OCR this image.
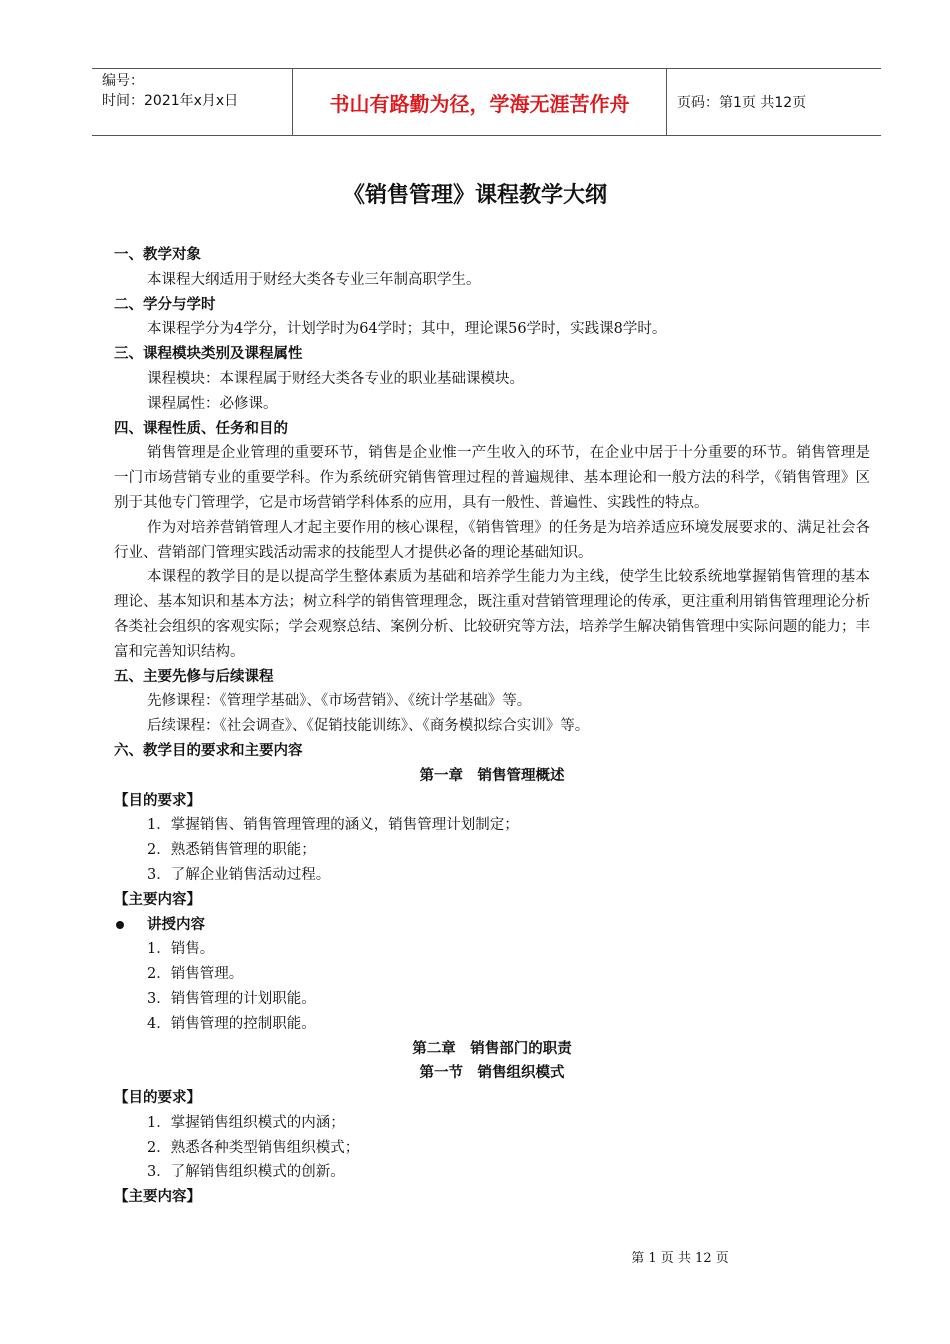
编号：
时间：2021年x月x日	书山有路勤为径，学海无涯苦作舟	页码：第1页 共12页
《销售管理》课程教学大纲
一、教学对象
本课程大纲适用于财经大类各专业三年制高职学生。
二、学分与学时
本课程学分为4学分，计划学时为64学时；其中，理论课56学时，实践课8学时。
三、课程模块类别及课程属性
课程模块：本课程属于财经大类各专业的职业基础课模块。
课程属性：必修课。
四、课程性质、任务和目的
销售管理是企业管理的重要环节，销售是企业惟一产生收入的环节，在企业中居于十分重要的环节。销售管理是一门市场营销专业的重要学科。作为系统研究销售管理过程的普遍规律、基本理论和一般方法的科学，《销售管理》区别于其他专门管理学，它是市场营销学科体系的应用，具有一般性、普遍性、实践性的特点。
作为对培养营销管理人才起主要作用的核心课程，《销售管理》的任务是为培养适应环境发展要求的、满足社会各行业、营销部门管理实践活动需求的技能型人才提供必备的理论基础知识。
本课程的教学目的是以提高学生整体素质为基础和培养学生能力为主线，使学生比较系统地掌握销售管理的基本理论、基本知识和基本方法；树立科学的销售管理理念，既注重对营销管理理论的传承，更注重利用销售管理理论分析各类社会组织的客观实际；学会观察总结、案例分析、比较研究等方法，培养学生解决销售管理中实际问题的能力；丰富和完善知识结构。
五、主要先修与后续课程
先修课程：《管理学基础》、《市场营销》、《统计学基础》等。
后续课程：《社会调查》、《促销技能训练》、《商务模拟综合实训》等。
六、教学目的要求和主要内容
第一章　销售管理概述
【目的要求】
1．掌握销售、销售管理管理的涵义，销售管理计划制定；
2．熟悉销售管理的职能；
3．了解企业销售活动过程。
【主要内容】
讲授内容
1．销售。
2．销售管理。
3．销售管理的计划职能。
4．销售管理的控制职能。
第二章　销售部门的职责
第一节　销售组织模式
【目的要求】
1．掌握销售组织模式的内涵；
2．熟悉各种类型销售组织模式；
3．了解销售组织模式的创新。
【主要内容】
第 1 页 共 12 页
